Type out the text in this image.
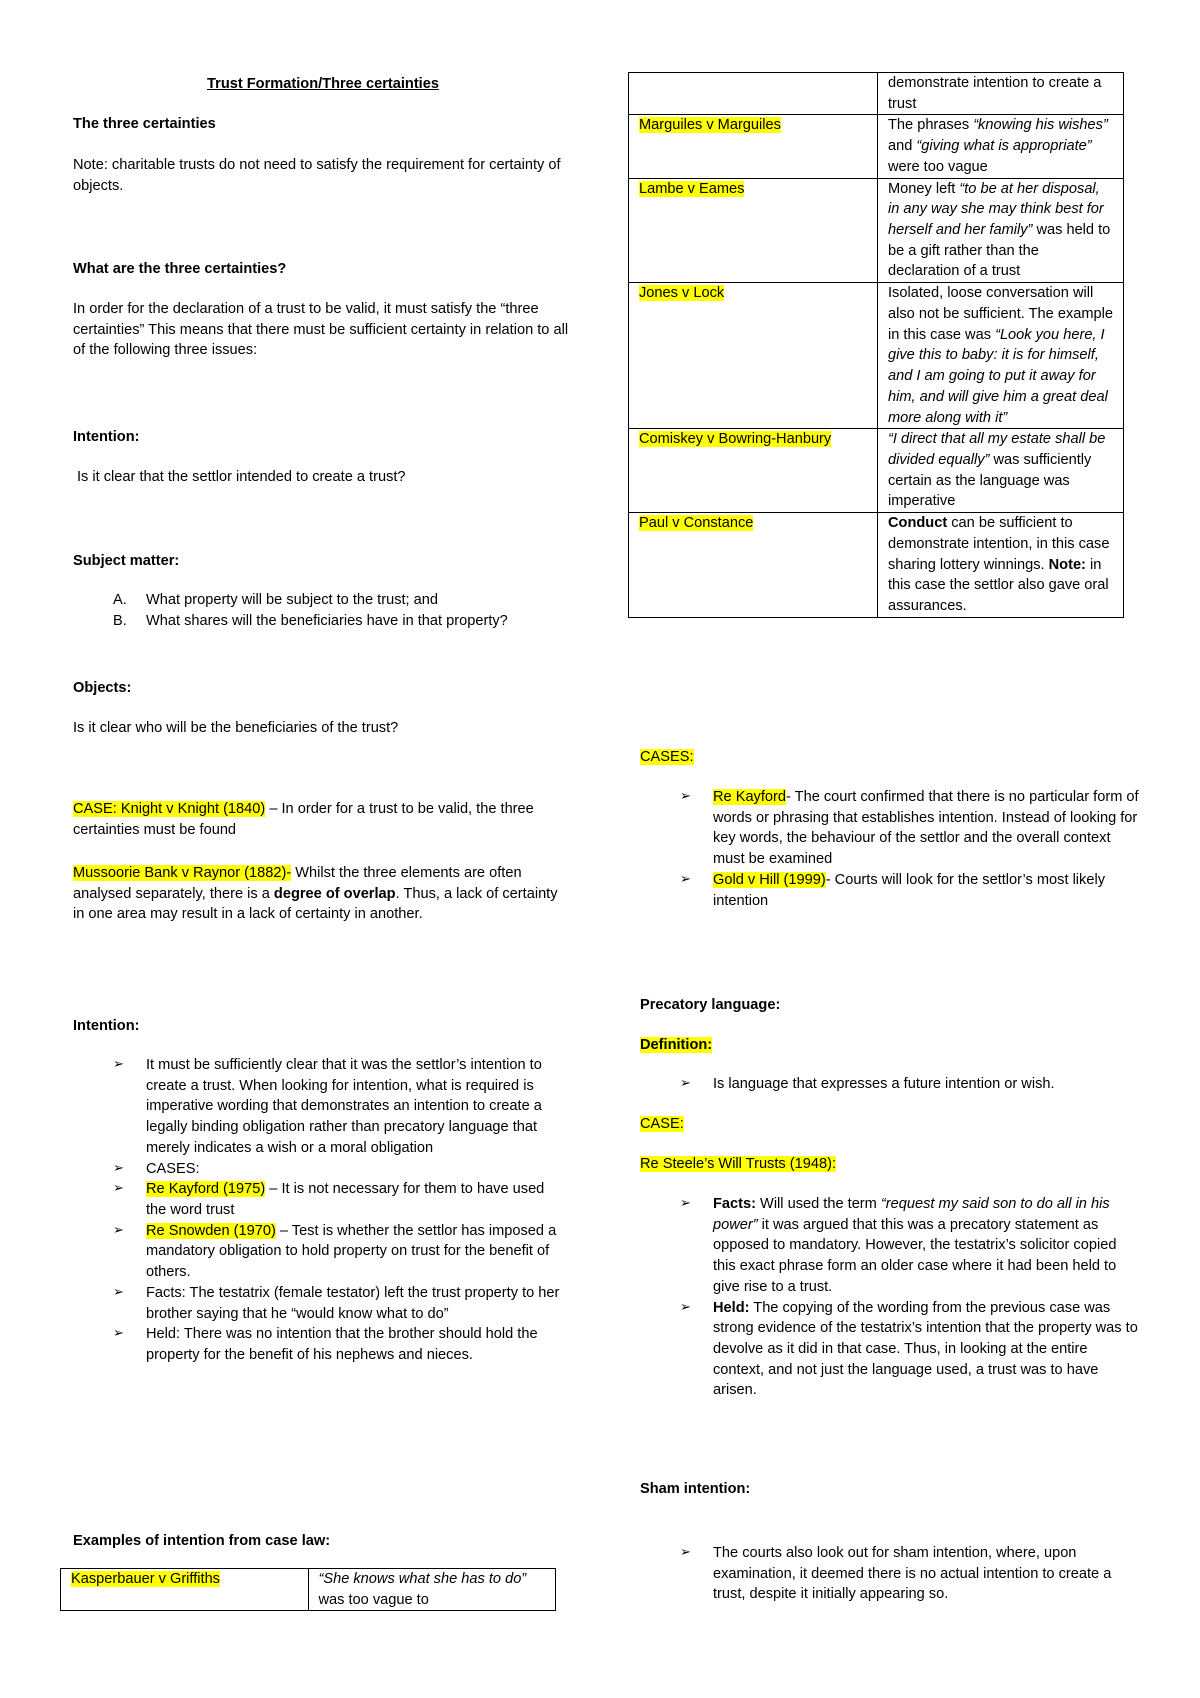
Trust Formation/Three certainties

The three certainties

Note: charitable trusts do not need to satisfy the requirement for certainty of objects.

What are the three certainties?

In order for the declaration of a trust to be valid, it must satisfy the “three certainties” This means that there must be sufficient certainty in relation to all of the following three issues:

Intention:

Is it clear that the settlor intended to create a trust?

Subject matter:

A. What property will be subject to the trust; and
B. What shares will the beneficiaries have in that property?

Objects:

Is it clear who will be the beneficiaries of the trust?

CASE: Knight v Knight (1840) – In order for a trust to be valid, the three certainties must be found

Mussoorie Bank v Raynor (1882)- Whilst the three elements are often analysed separately, there is a degree of overlap. Thus, a lack of certainty in one area may result in a lack of certainty in another.

Intention:

➢ It must be sufficiently clear that it was the settlor’s intention to create a trust. When looking for intention, what is required is imperative wording that demonstrates an intention to create a legally binding obligation rather than precatory language that merely indicates a wish or a moral obligation
➢ CASES:
➢ Re Kayford (1975) – It is not necessary for them to have used the word trust
➢ Re Snowden (1970) – Test is whether the settlor has imposed a mandatory obligation to hold property on trust for the benefit of others.
➢ Facts: The testatrix (female testator) left the trust property to her brother saying that he “would know what to do”
➢ Held: There was no intention that the brother should hold the property for the benefit of his nephews and nieces.

Examples of intention from case law:

Kasperbauer v Griffiths	“She knows what she has to do” was too vague to
	demonstrate intention to create a trust
Marguiles v Marguiles	The phrases “knowing his wishes” and “giving what is appropriate” were too vague
Lambe v Eames	Money left “to be at her disposal, in any way she may think best for herself and her family” was held to be a gift rather than the declaration of a trust
Jones v Lock	Isolated, loose conversation will also not be sufficient. The example in this case was “Look you here, I give this to baby: it is for himself, and I am going to put it away for him, and will give him a great deal more along with it”
Comiskey v Bowring-Hanbury	“I direct that all my estate shall be divided equally” was sufficiently certain as the language was imperative
Paul v Constance	Conduct can be sufficient to demonstrate intention, in this case sharing lottery winnings. Note: in this case the settlor also gave oral assurances.

CASES:

➢ Re Kayford- The court confirmed that there is no particular form of words or phrasing that establishes intention. Instead of looking for key words, the behaviour of the settlor and the overall context must be examined
➢ Gold v Hill (1999)- Courts will look for the settlor’s most likely intention

Precatory language:

Definition:

➢ Is language that expresses a future intention or wish.

CASE:

Re Steele’s Will Trusts (1948):

➢ Facts: Will used the term “request my said son to do all in his power” it was argued that this was a precatory statement as opposed to mandatory. However, the testatrix’s solicitor copied this exact phrase form an older case where it had been held to give rise to a trust.
➢ Held: The copying of the wording from the previous case was strong evidence of the testatrix’s intention that the property was to devolve as it did in that case. Thus, in looking at the entire context, and not just the language used, a trust was to have arisen.

Sham intention:

➢ The courts also look out for sham intention, where, upon examination, it deemed there is no actual intention to create a trust, despite it initially appearing so.
